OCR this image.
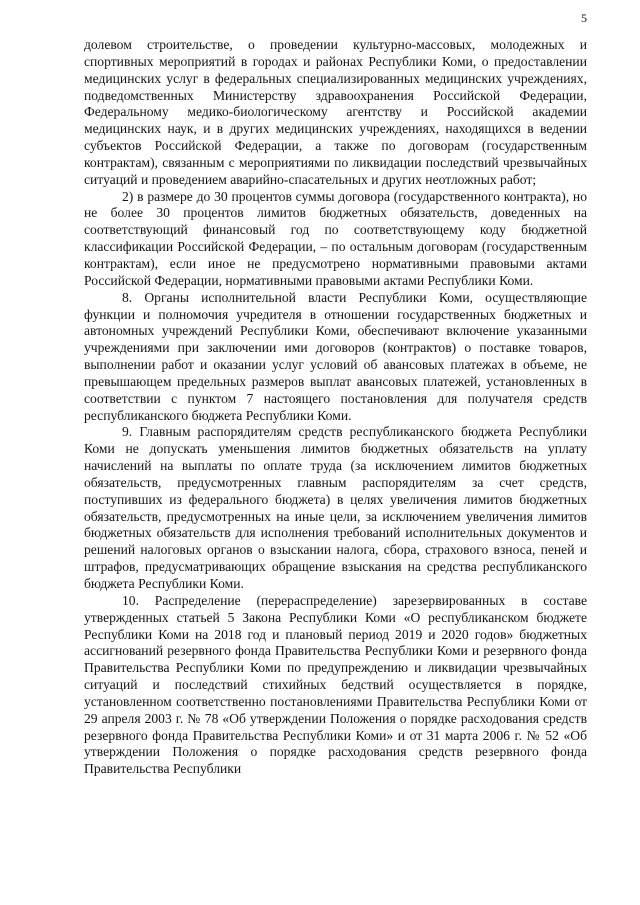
5

долевом строительстве, о проведении культурно-массовых, молодежных и спортивных мероприятий в городах и районах Республики Коми, о предоставлении медицинских услуг в федеральных специализированных медицинских учреждениях, подведомственных Министерству здравоохранения Российской Федерации, Федеральному медико-биологическому агентству и Российской академии медицинских наук, и в других медицинских учреждениях, находящихся в ведении субъектов Российской Федерации, а также по договорам (государственным контрактам), связанным с мероприятиями по ликвидации последствий чрезвычайных ситуаций и проведением аварийно-спасательных и других неотложных работ;

2) в размере до 30 процентов суммы договора (государственного контракта), но не более 30 процентов лимитов бюджетных обязательств, доведенных на соответствующий финансовый год по соответствующему коду бюджетной классификации Российской Федерации, – по остальным договорам (государственным контрактам), если иное не предусмотрено нормативными правовыми актами Российской Федерации, нормативными правовыми актами Республики Коми.

8. Органы исполнительной власти Республики Коми, осуществляющие функции и полномочия учредителя в отношении государственных бюджетных и автономных учреждений Республики Коми, обеспечивают включение указанными учреждениями при заключении ими договоров (контрактов) о поставке товаров, выполнении работ и оказании услуг условий об авансовых платежах в объеме, не превышающем предельных размеров выплат авансовых платежей, установленных в соответствии с пунктом 7 настоящего постановления для получателя средств республиканского бюджета Республики Коми.

9. Главным распорядителям средств республиканского бюджета Республики Коми не допускать уменьшения лимитов бюджетных обязательств на уплату начислений на выплаты по оплате труда (за исключением лимитов бюджетных обязательств, предусмотренных главным распорядителям за счет средств, поступивших из федерального бюджета) в целях увеличения лимитов бюджетных обязательств, предусмотренных на иные цели, за исключением увеличения лимитов бюджетных обязательств для исполнения требований исполнительных документов и решений налоговых органов о взыскании налога, сбора, страхового взноса, пеней и штрафов, предусматривающих обращение взыскания на средства республиканского бюджета Республики Коми.

10. Распределение (перераспределение) зарезервированных в составе утвержденных статьей 5 Закона Республики Коми «О республиканском бюджете Республики Коми на 2018 год и плановый период 2019 и 2020 годов» бюджетных ассигнований резервного фонда Правительства Республики Коми и резервного фонда Правительства Республики Коми по предупреждению и ликвидации чрезвычайных ситуаций и последствий стихийных бедствий осуществляется в порядке, установленном соответственно постановлениями Правительства Республики Коми от 29 апреля 2003 г. № 78 «Об утверждении Положения о порядке расходования средств резервного фонда Правительства Республики Коми» и от 31 марта 2006 г. № 52 «Об утверждении Положения о порядке расходования средств резервного фонда Правительства Республики
